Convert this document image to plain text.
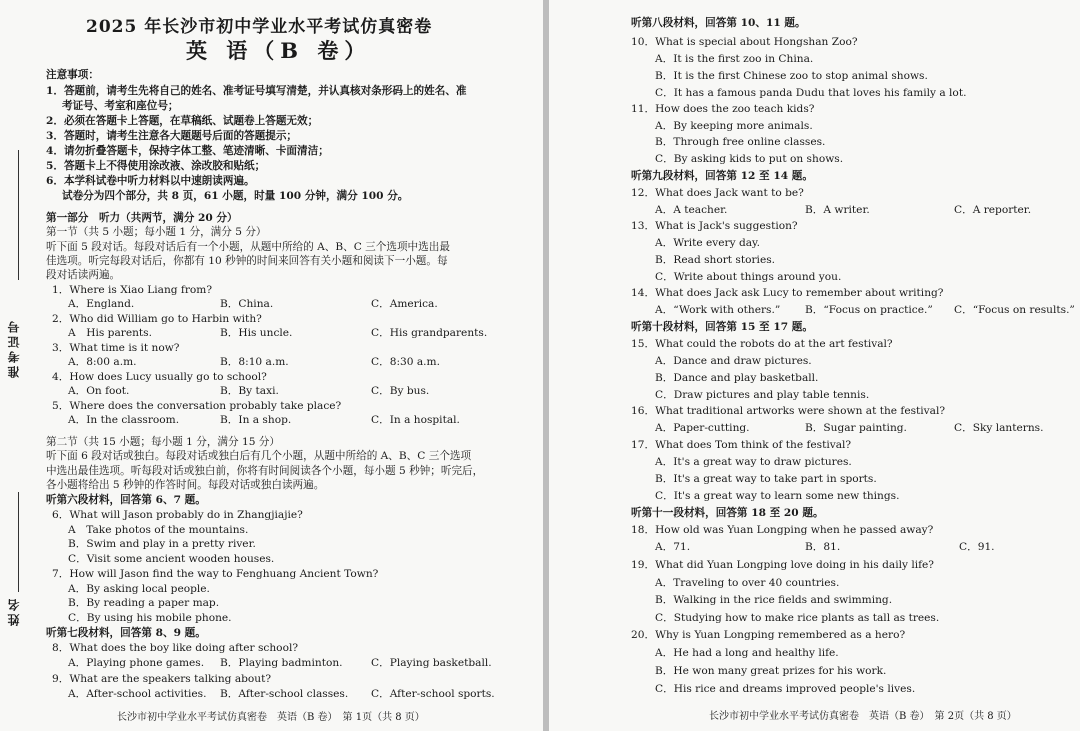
准考证号
姓名
2025 年长沙市初中学业水平考试仿真密卷
英 语（B 卷）
注意事项：
1．答题前，请考生先将自己的姓名、准考证号填写清楚，并认真核对条形码上的姓名、准
考证号、考室和座位号；
2．必须在答题卡上答题，在草稿纸、试题卷上答题无效；
3．答题时，请考生注意各大题题号后面的答题提示；
4．请勿折叠答题卡，保持字体工整、笔迹清晰、卡面清洁；
5．答题卡上不得使用涂改液、涂改胶和贴纸；
6．本学科试卷中听力材料以中速朗读两遍。
试卷分为四个部分，共 8 页，61 小题，时量 100 分钟，满分 100 分。
第一部分　听力（共两节，满分 20 分）
第一节（共 5 小题；每小题 1 分，满分 5 分）
听下面 5 段对话。每段对话后有一个小题，从题中所给的 A、B、C 三个选项中选出最
佳选项。听完每段对话后，你都有 10 秒钟的时间来回答有关小题和阅读下一小题。每
段对话读两遍。
1．Where is Xiao Liang from?
A．England.	B．China.	C．America.
2．Who did William go to Harbin with?
A　His parents.	B．His uncle.	C．His grandparents.
3．What time is it now?
A．8:00 a.m.	B．8:10 a.m.	C．8:30 a.m.
4．How does Lucy usually go to school?
A．On foot.	B．By taxi.	C．By bus.
5．Where does the conversation probably take place?
A．In the classroom.	B．In a shop.	C．In a hospital.
第二节（共 15 小题；每小题 1 分，满分 15 分）
听下面 6 段对话或独白。每段对话或独白后有几个小题，从题中所给的 A、B、C 三个选项
中选出最佳选项。听每段对话或独白前，你将有时间阅读各个小题，每小题 5 秒钟；听完后，
各小题将给出 5 秒钟的作答时间。每段对话或独白读两遍。
听第六段材料，回答第 6、7 题。
6．What will Jason probably do in Zhangjiajie?
A　Take photos of the mountains.
B．Swim and play in a pretty river.
C．Visit some ancient wooden houses.
7．How will Jason find the way to Fenghuang Ancient Town?
A．By asking local people.
B．By reading a paper map.
C．By using his mobile phone.
听第七段材料，回答第 8、9 题。
8．What does the boy like doing after school?
A．Playing phone games. B．Playing badminton.	C．Playing basketball.
9．What are the speakers talking about?
A．After-school activities. B．After-school classes. C．After-school sports.
长沙市初中学业水平考试仿真密卷　英语（B 卷）　第 1页（共 8 页）
听第八段材料，回答第 10、11 题。
10．What is special about Hongshan Zoo?
A．It is the first zoo in China.
B．It is the first Chinese zoo to stop animal shows.
C．It has a famous panda Dudu that loves his family a lot.
11．How does the zoo teach kids?
A．By keeping more animals.
B．Through free online classes.
C．By asking kids to put on shows.
听第九段材料，回答第 12 至 14 题。
12．What does Jack want to be?
A．A teacher.	B．A writer.	C．A reporter.
13．What is Jack's suggestion?
A．Write every day.
B．Read short stories.
C．Write about things around you.
14．What does Jack ask Lucy to remember about writing?
A．“Work with others.” B．“Focus on practice.” C．“Focus on results.”
听第十段材料，回答第 15 至 17 题。
15．What could the robots do at the art festival?
A．Dance and draw pictures.
B．Dance and play basketball.
C．Draw pictures and play table tennis.
16．What traditional artworks were shown at the festival?
A．Paper-cutting.	B．Sugar painting.	C．Sky lanterns.
17．What does Tom think of the festival?
A．It's a great way to draw pictures.
B．It's a great way to take part in sports.
C．It's a great way to learn some new things.
听第十一段材料，回答第 18 至 20 题。
18．How old was Yuan Longping when he passed away?
A．71.	B．81.	C．91.
19．What did Yuan Longping love doing in his daily life?
A．Traveling to over 40 countries.
B．Walking in the rice fields and swimming.
C．Studying how to make rice plants as tall as trees.
20．Why is Yuan Longping remembered as a hero?
A．He had a long and healthy life.
B．He won many great prizes for his work.
C．His rice and dreams improved people's lives.
长沙市初中学业水平考试仿真密卷　英语（B 卷）　第 2页（共 8 页）
